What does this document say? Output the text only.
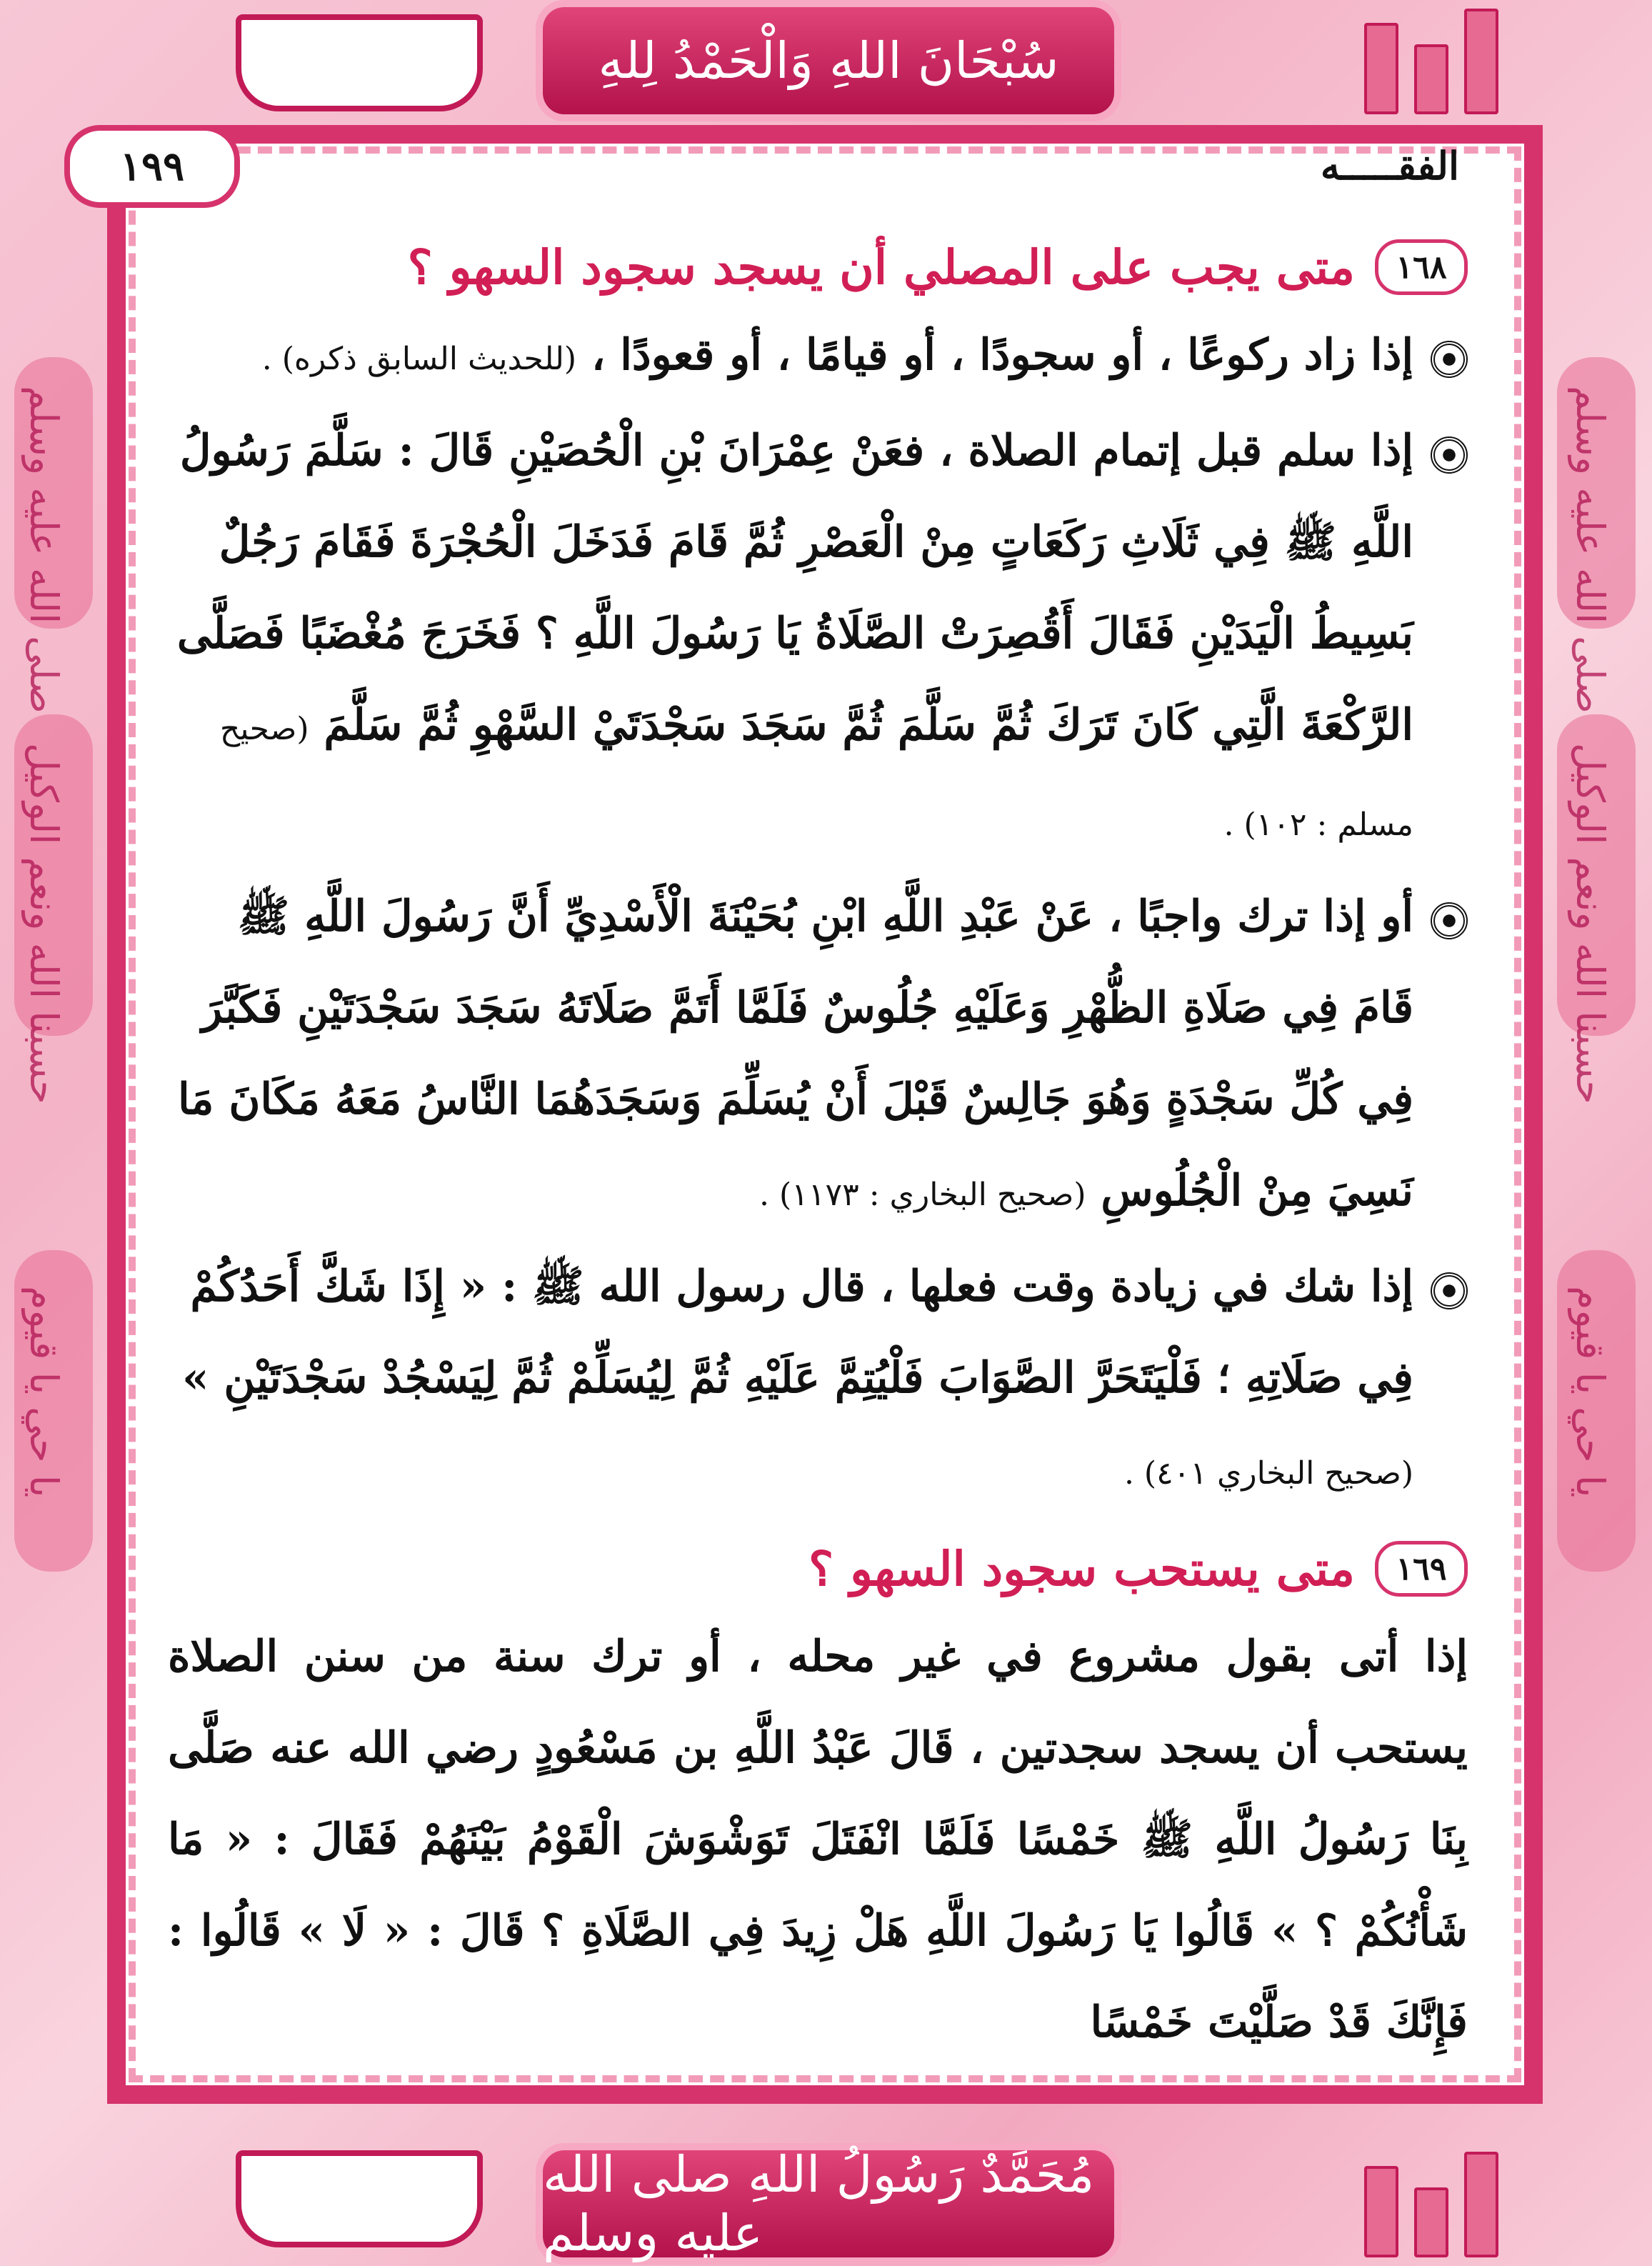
صلى الله عليه وسلم
حسبنا الله ونعم الوكيل
يا حي يا قيوم
صلى الله عليه وسلم
حسبنا الله ونعم الوكيل
يا حي يا قيوم
سُبْحَانَ اللهِ وَالْحَمْدُ لِلهِ
مُحَمَّدٌ رَسُولُ اللهِ صلى الله عليه وسلم
١٩٩	الفقـــــه
١٦٨
متى يجب على المصلي أن يسجد سجود السهو ؟
إذا زاد ركوعًا ، أو سجودًا ، أو قيامًا ، أو قعودًا ، (للحديث السابق ذكره) .
إذا سلم قبل إتمام الصلاة ، فعَنْ عِمْرَانَ بْنِ الْحُصَيْنِ قَالَ : سَلَّمَ رَسُولُ اللَّهِ ﷺ فِي ثَلَاثِ رَكَعَاتٍ مِنْ الْعَصْرِ ثُمَّ قَامَ فَدَخَلَ الْحُجْرَةَ فَقَامَ رَجُلٌ بَسِيطُ الْيَدَيْنِ فَقَالَ أَقُصِرَتْ الصَّلَاةُ يَا رَسُولَ اللَّهِ ؟ فَخَرَجَ مُغْضَبًا فَصَلَّى الرَّكْعَةَ الَّتِي كَانَ تَرَكَ ثُمَّ سَلَّمَ ثُمَّ سَجَدَ سَجْدَتَيْ السَّهْوِ ثُمَّ سَلَّمَ (صحيح مسلم : ١٠٢) .
أو إذا ترك واجبًا ، عَنْ عَبْدِ اللَّهِ ابْنِ بُحَيْنَةَ الْأَسْدِيِّ أَنَّ رَسُولَ اللَّهِ ﷺ قَامَ فِي صَلَاةِ الظُّهْرِ وَعَلَيْهِ جُلُوسٌ فَلَمَّا أَتَمَّ صَلَاتَهُ سَجَدَ سَجْدَتَيْنِ فَكَبَّرَ فِي كُلِّ سَجْدَةٍ وَهُوَ جَالِسٌ قَبْلَ أَنْ يُسَلِّمَ وَسَجَدَهُمَا النَّاسُ مَعَهُ مَكَانَ مَا نَسِيَ مِنْ الْجُلُوسِ (صحيح البخاري : ١١٧٣) .
إذا شك في زيادة وقت فعلها ، قال رسول الله ﷺ : « إِذَا شَكَّ أَحَدُكُمْ فِي صَلَاتِهِ ؛ فَلْيَتَحَرَّ الصَّوَابَ فَلْيُتِمَّ عَلَيْهِ ثُمَّ لِيُسَلِّمْ ثُمَّ لِيَسْجُدْ سَجْدَتَيْنِ » (صحيح البخاري ٤٠١) .
١٦٩
متى يستحب سجود السهو ؟
إذا أتى بقول مشروع في غير محله ، أو ترك سنة من سنن الصلاة يستحب أن يسجد سجدتين ، قَالَ عَبْدُ اللَّهِ بن مَسْعُودٍ رضي الله عنه صَلَّى بِنَا رَسُولُ اللَّهِ ﷺ خَمْسًا فَلَمَّا انْفَتَلَ تَوَشْوَشَ الْقَوْمُ بَيْنَهُمْ فَقَالَ : « مَا شَأْنُكُمْ ؟ » قَالُوا يَا رَسُولَ اللَّهِ هَلْ زِيدَ فِي الصَّلَاةِ ؟ قَالَ : « لَا » قَالُوا : فَإِنَّكَ قَدْ صَلَّيْتَ خَمْسًا
